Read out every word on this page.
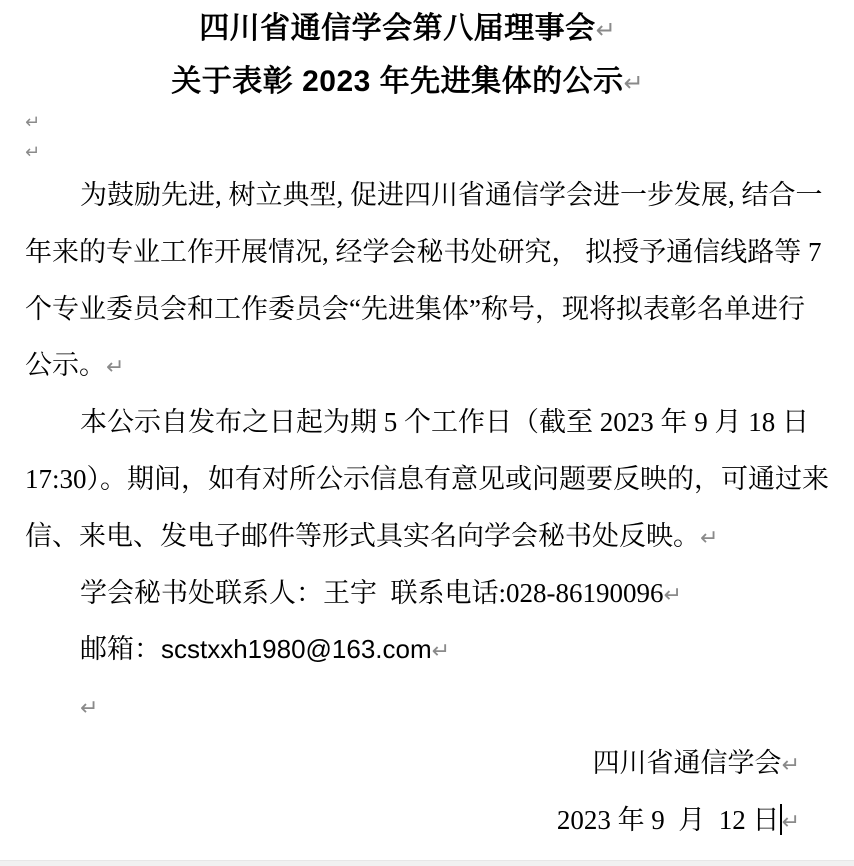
四川省通信学会第八届理事会↵
关于表彰 2023 年先进集体的公示↵
↵
↵
为鼓励先进, 树立典型, 促进四川省通信学会进一步发展, 结合一
年来的专业工作开展情况, 经学会秘书处研究， 拟授予通信线路等 7
个专业委员会和工作委员会“先进集体”称号，现将拟表彰名单进行
公示。↵
本公示自发布之日起为期 5 个工作日（截至 2023 年 9 月 18 日
17:30）。期间，如有对所公示信息有意见或问题要反映的，可通过来
信、来电、发电子邮件等形式具实名向学会秘书处反映。↵
学会秘书处联系人：王宇  联系电话:028-86190096↵
邮箱：scstxxh1980@163.com↵
↵
四川省通信学会↵
2023 年 9  月  12 日↵
